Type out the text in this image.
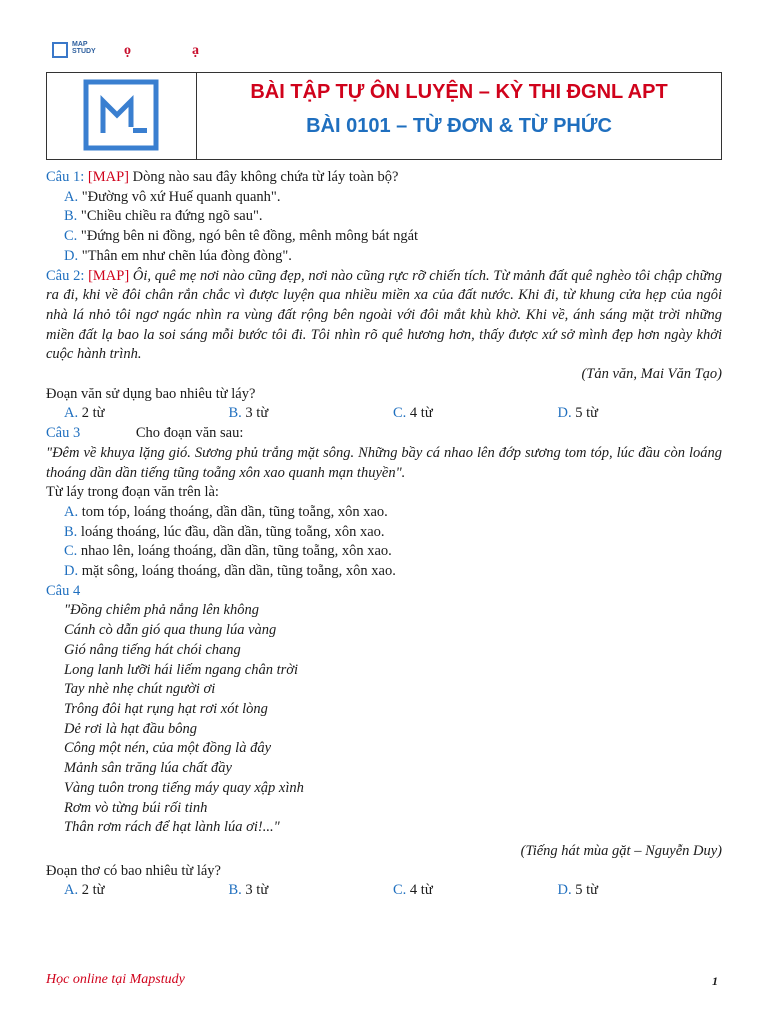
MAP
STUDY ọ	ạ
BÀI TẬP TỰ ÔN LUYỆN – KỲ THI ĐGNL APT
BÀI 0101 – TỪ ĐƠN & TỪ PHỨC
Câu 1: [MAP] Dòng nào sau đây không chứa từ láy toàn bộ?
A. "Đường vô xứ Huế quanh quanh".
B. "Chiều chiều ra đứng ngõ sau".
C. "Đứng bên ni đồng, ngó bên tê đồng, mênh mông bát ngát
D. "Thân em như chẽn lúa đòng đòng".
Câu 2: [MAP] Ôi, quê mẹ nơi nào cũng đẹp, nơi nào cũng rực rỡ chiến tích. Từ mảnh đất quê nghèo tôi chập chững ra đi, khi về đôi chân rắn chắc vì được luyện qua nhiều miền xa của đất nước. Khi đi, từ khung cửa hẹp của ngôi nhà lá nhỏ tôi ngơ ngác nhìn ra vùng đất rộng bên ngoài với đôi mắt khù khờ. Khi về, ánh sáng mặt trời những miền đất lạ bao la soi sáng mỗi bước tôi đi. Tôi nhìn rõ quê hương hơn, thấy được xứ sở mình đẹp hơn ngày khởi cuộc hành trình.
(Tản văn, Mai Văn Tạo)
Đoạn văn sử dụng bao nhiêu từ láy?
A. 2 từ	B. 3 từ	C. 4 từ	D. 5 từ
Câu 3	Cho đoạn văn sau:
"Đêm về khuya lặng gió. Sương phủ trắng mặt sông. Những bầy cá nhao lên đớp sương tom tóp, lúc đầu còn loáng thoáng dần dần tiếng tũng toẵng xôn xao quanh mạn thuyền".
Từ láy trong đoạn văn trên là:
A. tom tóp, loáng thoáng, dần dần, tũng toẵng, xôn xao.
B. loáng thoáng, lúc đầu, dần dần, tũng toẵng, xôn xao.
C. nhao lên, loáng thoáng, dần dần, tũng toẵng, xôn xao.
D. mặt sông, loáng thoáng, dần dần, tũng toẵng, xôn xao.
Câu 4
"Đồng chiêm phả nắng lên không
Cánh cò dẫn gió qua thung lúa vàng
Gió nâng tiếng hát chói chang
Long lanh lưỡi hái liếm ngang chân trời
Tay nhè nhẹ chút người ơi
Trông đôi hạt rụng hạt rơi xót lòng
Dẻ rơi là hạt đầu bông
Công một nén, của một đồng là đây
Mảnh sân trăng lúa chất đầy
Vàng tuôn trong tiếng máy quay xập xình
Rơm vò từng búi rối tinh
Thân rơm rách để hạt lành lúa ơi!..."
(Tiếng hát mùa gặt – Nguyễn Duy)
Đoạn thơ có bao nhiêu từ láy?
A. 2 từ	B. 3 từ	C. 4 từ	D. 5 từ
Học online tại Mapstudy	1
